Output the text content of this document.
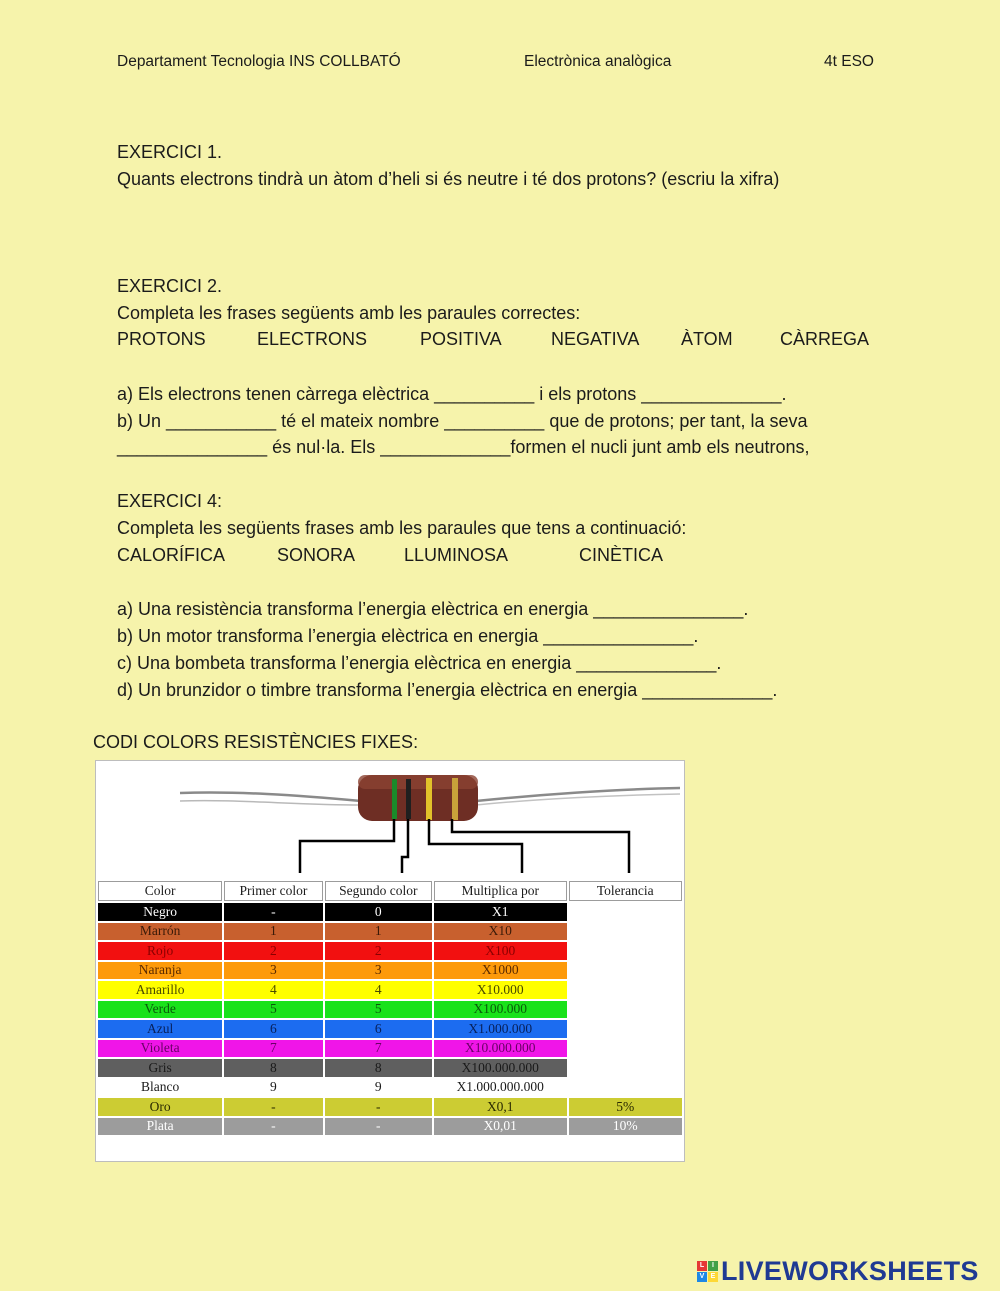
Departament Tecnologia INS COLLBATÓ	Electrònica analògica	4t ESO
EXERCICI 1.
Quants electrons tindrà un àtom d’heli si és neutre i té dos protons? (escriu la xifra)
EXERCICI 2.
Completa les frases següents amb les paraules correctes:
PROTONS	ELECTRONS	POSITIVA	NEGATIVA ÀTOM	CÀRREGA
a) Els electrons tenen càrrega elèctrica __________ i els protons ______________.
b) Un ___________ té el mateix nombre __________ que de protons; per tant, la seva
_______________ és nul·la. Els _____________formen el nucli junt amb els neutrons,
EXERCICI 4:
Completa les següents frases amb les paraules que tens a continuació:
CALORÍFICA	SONORA	LLUMINOSA	CINÈTICA
a) Una resistència transforma l’energia elèctrica en energia _______________.
b) Un motor transforma l’energia elèctrica en energia _______________.
c) Una bombeta transforma l’energia elèctrica en energia ______________.
d) Un brunzidor o timbre transforma l’energia elèctrica en energia _____________.
CODI COLORS RESISTÈNCIES FIXES:
Color	Primer color	Segundo color	Multiplica por	Tolerancia
Negro	-	0	X1	
Marrón	1	1	X10	
Rojo	2	2	X100	
Naranja	3	3	X1000	
Amarillo	4	4	X10.000	
Verde	5	5	X100.000	
Azul	6	6	X1.000.000	
Violeta	7	7	X10.000.000	
Gris	8	8	X100.000.000	
Blanco	9	9	X1.000.000.000	
Oro	-	-	X0,1	5%
Plata	-	-	X0,01	10%
L	I
V E LIVEWORKSHEETS
